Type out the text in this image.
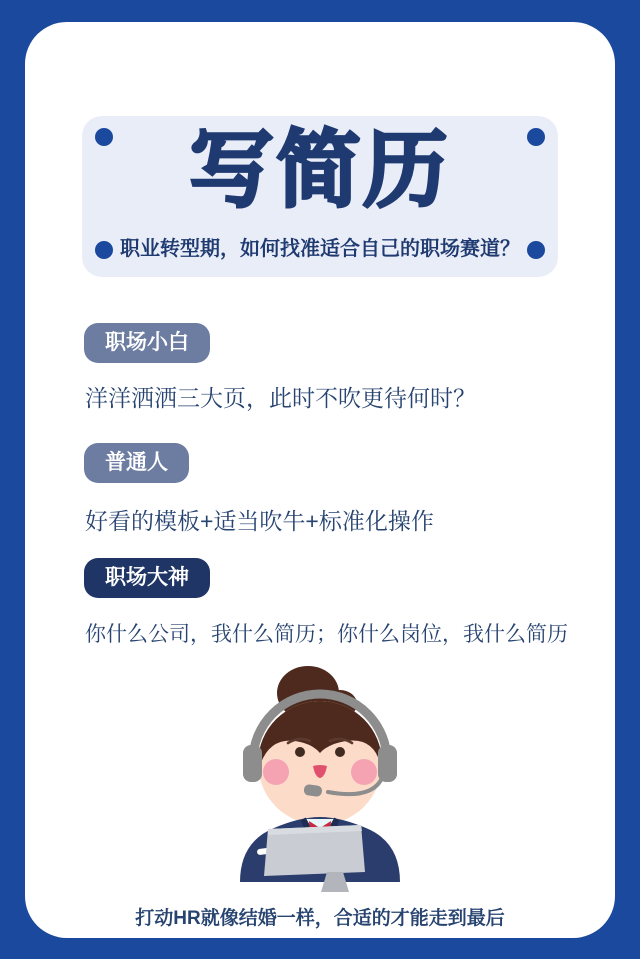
写简历
职业转型期，如何找准适合自己的职场赛道？
职场小白
洋洋洒洒三大页，此时不吹更待何时？
普通人
好看的模板+适当吹牛+标准化操作
职场大神
你什么公司，我什么简历；你什么岗位，我什么简历
打动HR就像结婚一样，合适的才能走到最后
